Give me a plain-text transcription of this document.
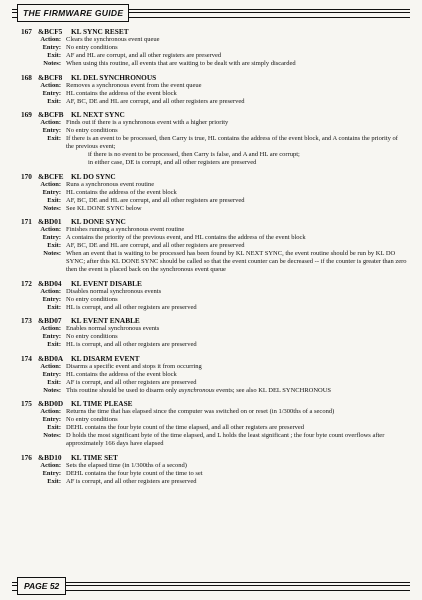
THE FIRMWARE GUIDE
167 &BCF5 KL SYNC RESET
Action :	Clears the synchronous event queue
Entry :	No entry conditions
Exit :	AF and HL are corrupt, and all other registers are preserved
Notes :	When using this routine, all events that are waiting to be dealt with are simply discarded
168 &BCF8 KL DEL SYNCHRONOUS
Action :	Removes a synchronous event from the event queue
Entry :	HL contains the address of the event block
Exit :	AF, BC, DE and HL are corrupt, and all other registers are preserved
169 &BCFB KL NEXT SYNC
Action :	Finds out if there is a synchronous event with a higher priority
Entry :	No entry conditions
Exit :	If there is an event to be processed, then Carry is true, HL contains the address of the event block, and A contains the priority of the previous event;
if there is no event to be processed, then Carry is false, and A and HL are corrupt;
in either case, DE is corrupt, and all other registers are preserved
170 &BCFE KL DO SYNC
Action :	Runs a synchronous event routine
Entry :	HL contains the address of the event block
Exit :	AF, BC, DE and HL are corrupt, and all other registers are preserved
Notes :	See KL DONE SYNC below
171 &BD01 KL DONE SYNC
Action :	Finishes running a synchronous event routine
Entry :	A contains the priority of the previous event, and HL contains the address of the event block
Exit :	AF, BC, DE and HL are corrupt, and all other registers are preserved
Notes :	When an event that is waiting to be processed has been found by KL NEXT SYNC, the event routine should be run by KL DO SYNC; after this KL DONE SYNC should be called so that the event counter can be decreased -- if the counter is greater than zero then the event is placed back on the synchronous event queue
172 &BD04 KL EVENT DISABLE
Action :	Disables normal synchronous events
Entry :	No entry conditions
Exit :	HL is corrupt, and all other registers are preserved
173 &BD07 KL EVENT ENABLE
Action :	Enables normal synchronous events
Entry :	No entry conditions
Exit :	HL is corrupt, and all other registers are preserved
174 &BD0A KL DISARM EVENT
Action :	Disarms a specific event and stops it from occurring
Entry :	HL contains the address of the event block
Exit :	AF is corrupt, and all other registers are preserved
Notes :	This routine should be used to disarm only asynchronous events; see also KL DEL SYNCHRONOUS
175 &BD0D KL TIME PLEASE
Action :	Returns the time that has elapsed since the computer was switched on or reset (in 1/300ths of a second)
Entry :	No entry conditions
Exit :	DEHL contains the four byte count of the time elapsed, and all other registers are preserved
Notes :	D holds the most significant byte of the time elapsed, and L holds the least significant ; the four byte count overflows after approximately 166 days have elapsed
176 &BD10 KL TIME SET
Action :	Sets the elapsed time (in 1/300ths of a second)
Entry :	DEHL contains the four byte count of the time to set
Exit :	AF is corrupt, and all other registers are preserved
PAGE 52
